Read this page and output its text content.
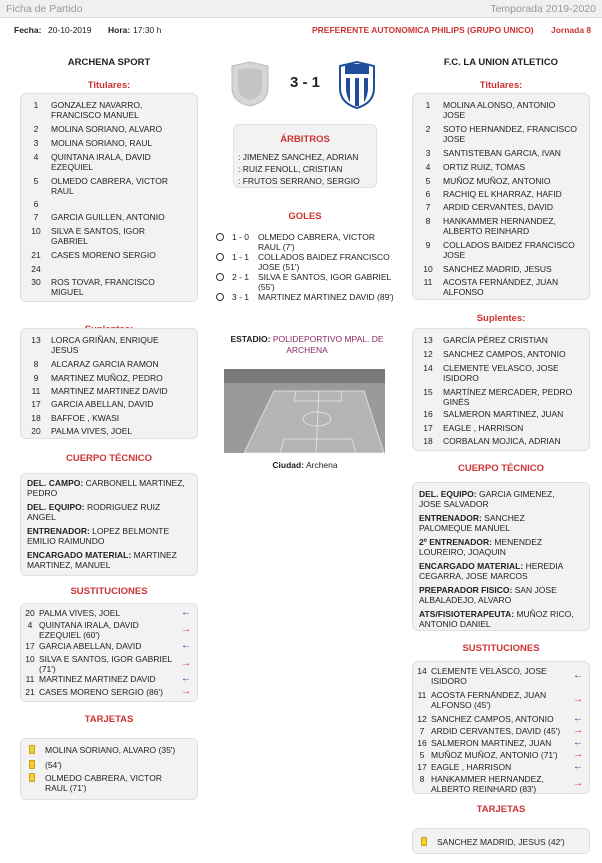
Ficha de Partido	Temporada 2019-2020
Fecha: 20-10-2019 Hora: 17:30 h	PREFERENTE AUTONOMICA PHILIPS (GRUPO UNICO) Jornada 8
ARCHENA SPORT	F.C. LA UNION ATLETICO
3 - 1
Titulares:
1	GONZALEZ NAVARRO,
FRANCISCO MANUEL
2	MOLINA SORIANO, ALVARO
3	MOLINA SORIANO, RAUL
4	QUINTANA IRALA, DAVID
EZEQUIEL
5	OLMEDO CABRERA, VICTOR
RAUL
6
7	GARCIA GUILLEN, ANTONIO
10	SILVA E SANTOS, IGOR
GABRIEL
21	CASES MORENO SERGIO
24
30	ROS TOVAR, FRANCISCO
MIGUEL
13	LORCA GRIÑAN, ENRIQUE
JESUS
8	ALCARAZ GARCIA RAMON
9	MARTINEZ MUÑOZ, PEDRO
11	MARTINEZ MARTINEZ DAVID
17	GARCIA ABELLAN, DAVID
18	BAFFOE , KWASI
20	PALMA VIVES, JOEL
CUERPO TÉCNICO
DEL. CAMPO: CARBONELL MARTINEZ,
PEDRO
DEL. EQUIPO: RODRIGUEZ RUIZ
ANGEL
ENTRENADOR: LOPEZ BELMONTE
EMILIO RAIMUNDO
ENCARGADO MATERIAL: MARTINEZ
MARTINEZ, MANUEL
SUSTITUCIONES
20 PALMA VIVES, JOEL	←
4 QUINTANA IRALA, DAVID
EZEQUIEL (60')	→
17 GARCIA ABELLAN, DAVID	←
10 SILVA E SANTOS, IGOR GABRIEL
(71')	→
11 MARTINEZ MARTINEZ DAVID	←
21 CASES MORENO SERGIO (86')	→
TARJETAS
MOLINA SORIANO, ALVARO (35')
(54')
OLMEDO CABRERA, VICTOR
RAUL (71')
Titulares:
1	MOLINA ALONSO, ANTONIO
JOSE
2	SOTO HERNANDEZ, FRANCISCO
JOSE
3	SANTISTEBAN GARCIA, IVAN
4	ORTIZ RUIZ, TOMAS
5	MUÑOZ MUÑOZ, ANTONIO
6	RACHIQ EL KHARRAZ, HAFID
7	ARDID CERVANTES, DAVID
8	HANKAMMER HERNANDEZ,
ALBERTO REINHARD
9	COLLADOS BAIDEZ FRANCISCO
JOSE
10	SANCHEZ MADRID, JESUS
11	ACOSTA FERNÁNDEZ, JUAN
ALFONSO
Suplentes:
13	GARCÍA PÉREZ CRISTIAN
12	SANCHEZ CAMPOS, ANTONIO
14	CLEMENTE VELASCO, JOSE
ISIDORO
15	MARTÍNEZ MERCADER, PEDRO
GINÉS
16	SALMERON MARTINEZ, JUAN
17	EAGLE , HARRISON
18	CORBALAN MOJICA, ADRIAN
CUERPO TÉCNICO
DEL. EQUIPO: GARCIA GIMENEZ,
JOSE SALVADOR
ENTRENADOR: SANCHEZ
PALOMEQUE MANUEL
2º ENTRENADOR: MENENDEZ
LOUREIRO, JOAQUIN
ENCARGADO MATERIAL: HEREDIA
CEGARRA, JOSE MARCOS
PREPARADOR FISICO: SAN JOSE
ALBALADEJO, ALVARO
ATS/FISIOTERAPEUTA: MUÑOZ RICO,
ANTONIO DANIEL
SUSTITUCIONES
14 CLEMENTE VELASCO, JOSE
ISIDORO	←
11 ACOSTA FERNÁNDEZ, JUAN
ALFONSO (45')	→
12 SANCHEZ CAMPOS, ANTONIO	←
7 ARDID CERVANTES, DAVID (45')	→
16 SALMERON MARTINEZ, JUAN	←
5 MUÑOZ MUÑOZ, ANTONIO (71')	→
17 EAGLE , HARRISON	←
8 HANKAMMER HERNANDEZ,
ALBERTO REINHARD (83')	→
TARJETAS
SANCHEZ MADRID, JESUS (42')
ÁRBITROS
: JIMENEZ SANCHEZ, ADRIAN
: RUIZ FENOLL, CRISTIAN
: FRUTOS SERRANO, SERGIO
GOLES
1 - 0 OLMEDO CABRERA, VICTOR
RAUL (7')
1 - 1 COLLADOS BAIDEZ FRANCISCO
JOSE (51')
2 - 1 SILVA E SANTOS, IGOR GABRIEL
(55')
3 - 1 MARTINEZ MARTINEZ DAVID (89')
ESTADIO: POLIDEPORTIVO MPAL. DE
ARCHENA
Ciudad: Archena
